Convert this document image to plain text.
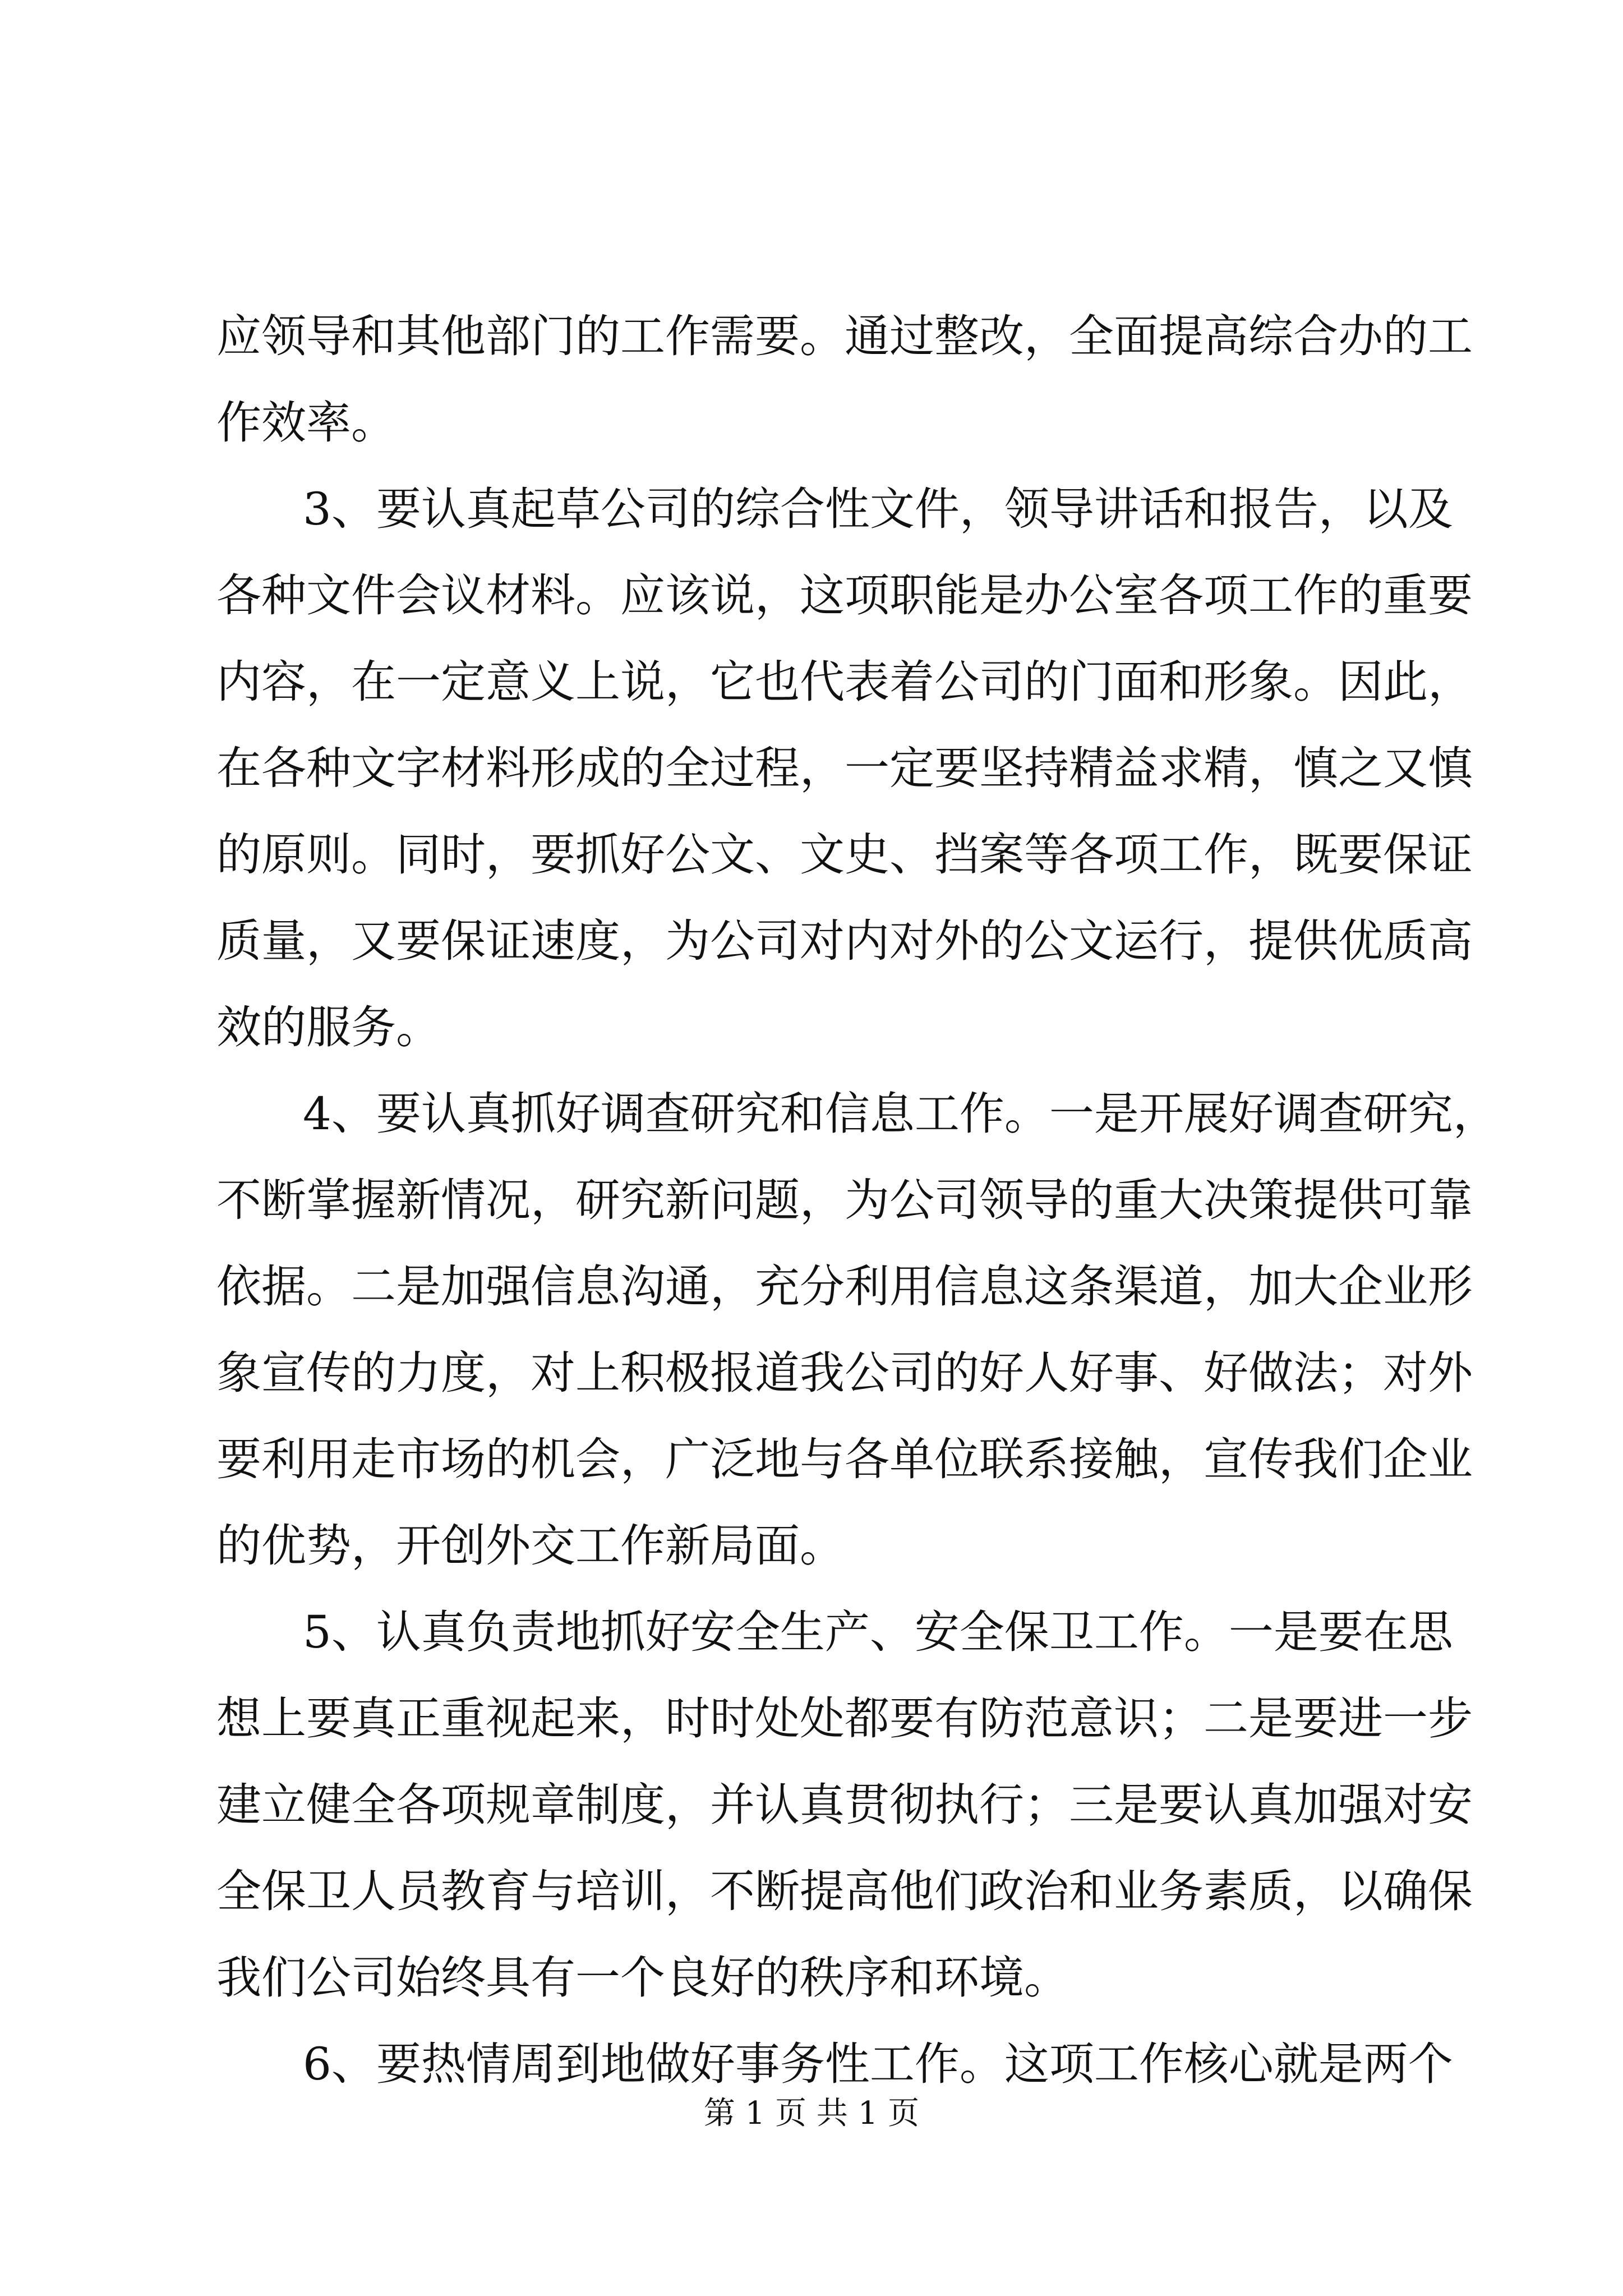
应领导和其他部门的工作需要。通过整改，全面提高综合办的工
作效率。
3、要认真起草公司的综合性文件，领导讲话和报告，以及
各种文件会议材料。应该说，这项职能是办公室各项工作的重要
内容，在一定意义上说，它也代表着公司的门面和形象。因此，
在各种文字材料形成的全过程，一定要坚持精益求精，慎之又慎
的原则。同时，要抓好公文、文史、挡案等各项工作，既要保证
质量，又要保证速度，为公司对内对外的公文运行，提供优质高
效的服务。
4、要认真抓好调查研究和信息工作。一是开展好调查研究，
不断掌握新情况，研究新问题，为公司领导的重大决策提供可靠
依据。二是加强信息沟通，充分利用信息这条渠道，加大企业形
象宣传的力度，对上积极报道我公司的好人好事、好做法；对外
要利用走市场的机会，广泛地与各单位联系接触，宣传我们企业
的优势，开创外交工作新局面。
5、认真负责地抓好安全生产、安全保卫工作。一是要在思
想上要真正重视起来，时时处处都要有防范意识；二是要进一步
建立健全各项规章制度，并认真贯彻执行；三是要认真加强对安
全保卫人员教育与培训，不断提高他们政治和业务素质，以确保
我们公司始终具有一个良好的秩序和环境。
6、要热情周到地做好事务性工作。这项工作核心就是两个
第 1 页 共 1 页
